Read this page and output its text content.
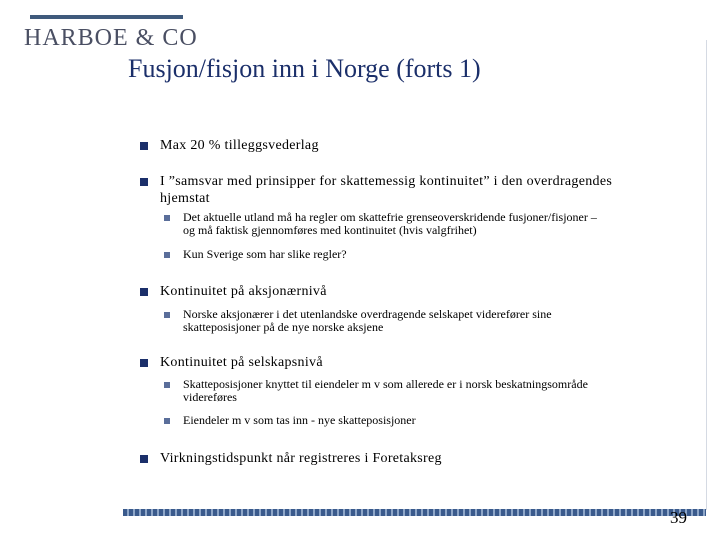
HARBOE & CO
Fusjon/fisjon inn i Norge (forts 1)
Max 20 % tilleggsvederlag
I ”samsvar med prinsipper for skattemessig kontinuitet” i den overdragendes
hjemstat
Det aktuelle utland må ha regler om skattefrie grenseoverskridende fusjoner/fisjoner –
og må faktisk gjennomføres med kontinuitet (hvis valgfrihet)
Kun Sverige som har slike regler?
Kontinuitet på aksjonærnivå
Norske aksjonærer i det utenlandske overdragende selskapet viderefører sine
skatteposisjoner på de nye norske aksjene
Kontinuitet på selskapsnivå
Skatteposisjoner knyttet til eiendeler m v som allerede er i norsk beskatningsområde
videreføres
Eiendeler m v som tas inn - nye skatteposisjoner
Virkningstidspunkt når registreres i Foretaksreg
39
